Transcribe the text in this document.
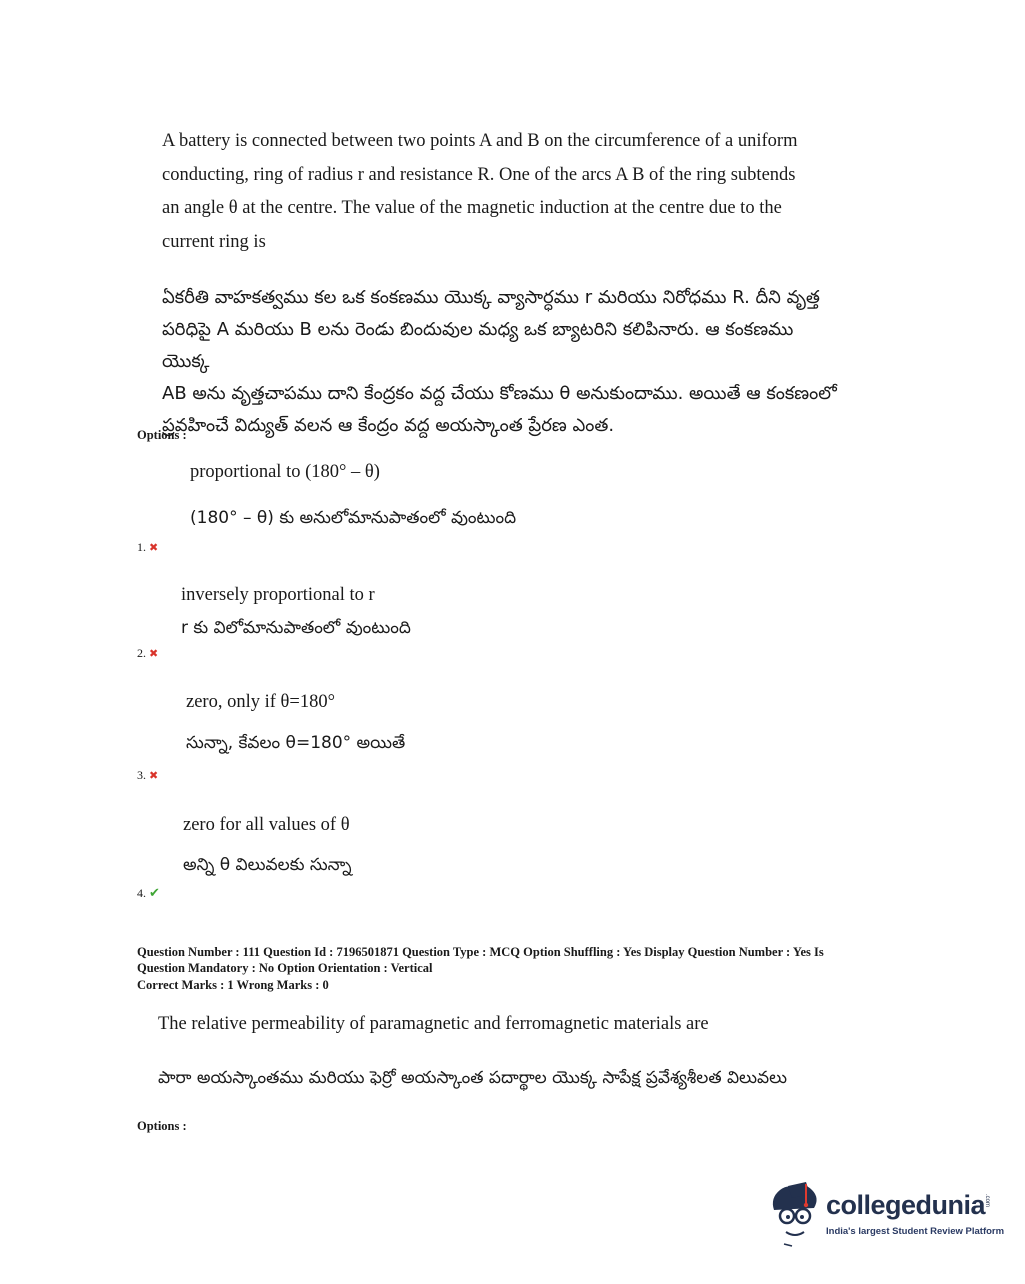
A battery is connected between two points A and B on the circumference of a uniform
conducting, ring of radius r and resistance R. One of the arcs A B of the ring subtends
an angle θ at the centre. The value of the magnetic induction at the centre due to the
current ring is
ఏకరీతి వాహకత్వము కల ఒక కంకణము యొక్క వ్యాసార్ధము r మరియు నిరోధము R. దీని వృత్త
పరిధిపై A మరియు B లను రెండు బిందువుల మధ్య ఒక బ్యాటరిని కలిపినారు. ఆ కంకణము యొక్క
AB అను వృత్తచాపము దాని కేంద్రకం వద్ద చేయు కోణము θ అనుకుందాము. అయితే ఆ కంకణంలో
ప్రవహించే విద్యుత్ వలన ఆ కేంద్రం వద్ద అయస్కాంత ప్రేరణ ఎంత.
Options :
proportional to (180° – θ)
(180° – θ) కు అనులోమానుపాతంలో వుంటుంది
1. ✖
inversely proportional to r
r కు విలోమానుపాతంలో వుంటుంది
2. ✖
zero, only if θ=180°
సున్నా, కేవలం θ=180° అయితే
3. ✖
zero for all values of θ
అన్ని θ విలువలకు సున్నా
4. ✔
Question Number : 111 Question Id : 7196501871 Question Type : MCQ Option Shuffling : Yes Display Question Number : Yes Is
Question Mandatory : No Option Orientation : Vertical
Correct Marks : 1 Wrong Marks : 0
The relative permeability of paramagnetic and ferromagnetic materials are
పారా అయస్కాంతము మరియు ఫెర్రో అయస్కాంత పదార్థాల యొక్క సాపేక్ష ప్రవేశ్యశీలత విలువలు
Options :
collegedunia
.com
India's largest Student Review Platform
